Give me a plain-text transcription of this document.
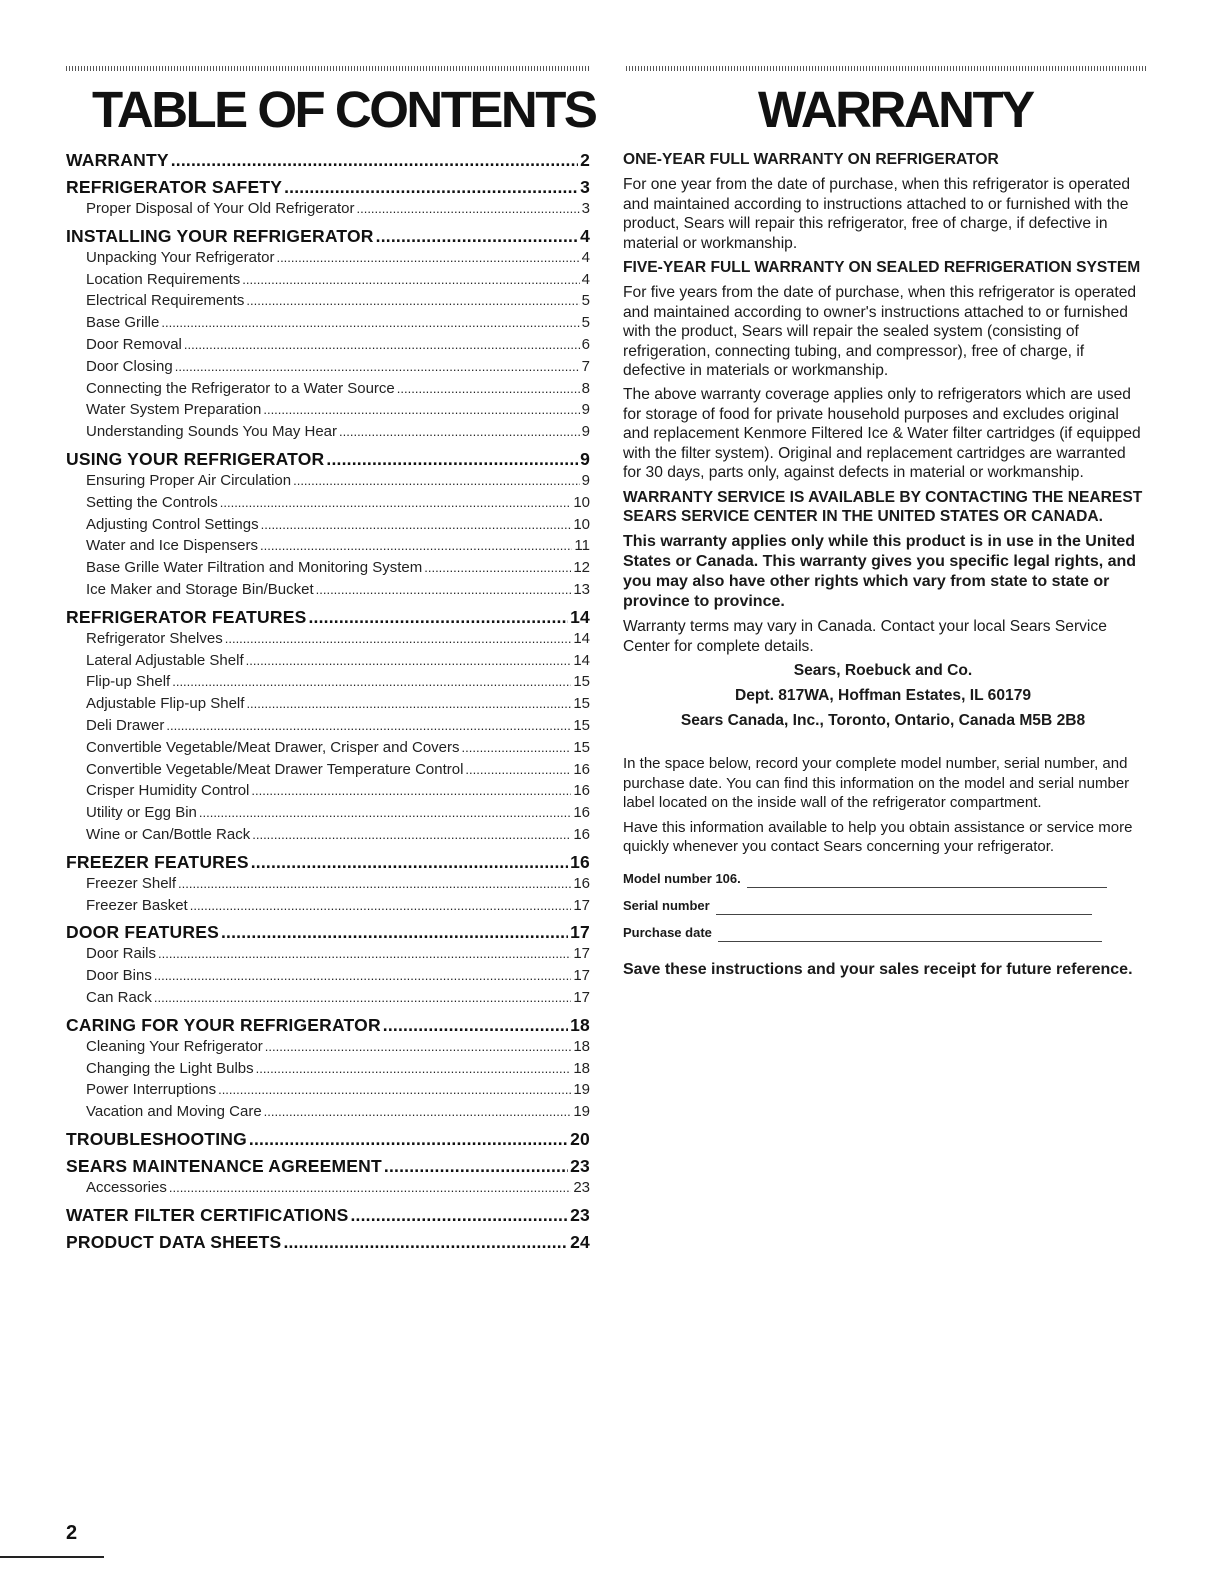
TABLE OF CONTENTS	WARRANTY
WARRANTY .....	2
REFRIGERATOR SAFETY .....	3
Proper Disposal of Your Old Refrigerator .....	3
INSTALLING YOUR REFRIGERATOR .....	4
Unpacking Your Refrigerator .....	4
Location Requirements .....	4
Electrical Requirements .....	5
Base Grille .....	5
Door Removal .....	6
Door Closing .....	7
Connecting the Refrigerator to a Water Source .....	8
Water System Preparation .....	9
Understanding Sounds You May Hear .....	9
USING YOUR REFRIGERATOR .....	9
Ensuring Proper Air Circulation .....	9
Setting the Controls .....	10
Adjusting Control Settings .....	10
Water and Ice Dispensers .....	11
Base Grille Water Filtration and Monitoring System .....	12
Ice Maker and Storage Bin/Bucket .....	13
REFRIGERATOR FEATURES .....	14
Refrigerator Shelves .....	14
Lateral Adjustable Shelf .....	14
Flip-up Shelf .....	15
Adjustable Flip-up Shelf .....	15
Deli Drawer .....	15
Convertible Vegetable/Meat Drawer, Crisper and Covers .....	15
Convertible Vegetable/Meat Drawer Temperature Control .....	16
Crisper Humidity Control .....	16
Utility or Egg Bin .....	16
Wine or Can/Bottle Rack .....	16
FREEZER FEATURES .....	16
Freezer Shelf .....	16
Freezer Basket .....	17
DOOR FEATURES .....	17
Door Rails .....	17
Door Bins .....	17
Can Rack .....	17
CARING FOR YOUR REFRIGERATOR .....	18
Cleaning Your Refrigerator .....	18
Changing the Light Bulbs .....	18
Power Interruptions .....	19
Vacation and Moving Care .....	19
TROUBLESHOOTING .....	20
SEARS MAINTENANCE AGREEMENT .....	23
Accessories .....	23
WATER FILTER CERTIFICATIONS .....	23
PRODUCT DATA SHEETS .....	24

ONE-YEAR FULL WARRANTY ON REFRIGERATOR

For one year from the date of purchase, when this refrigerator is operated and maintained according to instructions attached to or furnished with the product, Sears will repair this refrigerator, free of charge, if defective in material or workmanship.

FIVE-YEAR FULL WARRANTY ON SEALED REFRIGERATION SYSTEM

For five years from the date of purchase, when this refrigerator is operated and maintained according to owner's instructions attached to or furnished with the product, Sears will repair the sealed system (consisting of refrigeration, connecting tubing, and compressor), free of charge, if defective in materials or workmanship.

The above warranty coverage applies only to refrigerators which are used for storage of food for private household purposes and excludes original and replacement Kenmore Filtered Ice & Water filter cartridges (if equipped with the filter system). Original and replacement cartridges are warranted for 30 days, parts only, against defects in material or workmanship.

WARRANTY SERVICE IS AVAILABLE BY CONTACTING THE NEAREST SEARS SERVICE CENTER IN THE UNITED STATES OR CANADA.

This warranty applies only while this product is in use in the United States or Canada. This warranty gives you specific legal rights, and you may also have other rights which vary from state to state or province to province.

Warranty terms may vary in Canada. Contact your local Sears Service Center for complete details.

Sears, Roebuck and Co.

Dept. 817WA, Hoffman Estates, IL 60179

Sears Canada, Inc., Toronto, Ontario, Canada M5B 2B8

In the space below, record your complete model number, serial number, and purchase date. You can find this information on the model and serial number label located on the inside wall of the refrigerator compartment.

Have this information available to help you obtain assistance or service more quickly whenever you contact Sears concerning your refrigerator.

Model number 106.
Serial number
Purchase date

Save these instructions and your sales receipt for future reference.

2
